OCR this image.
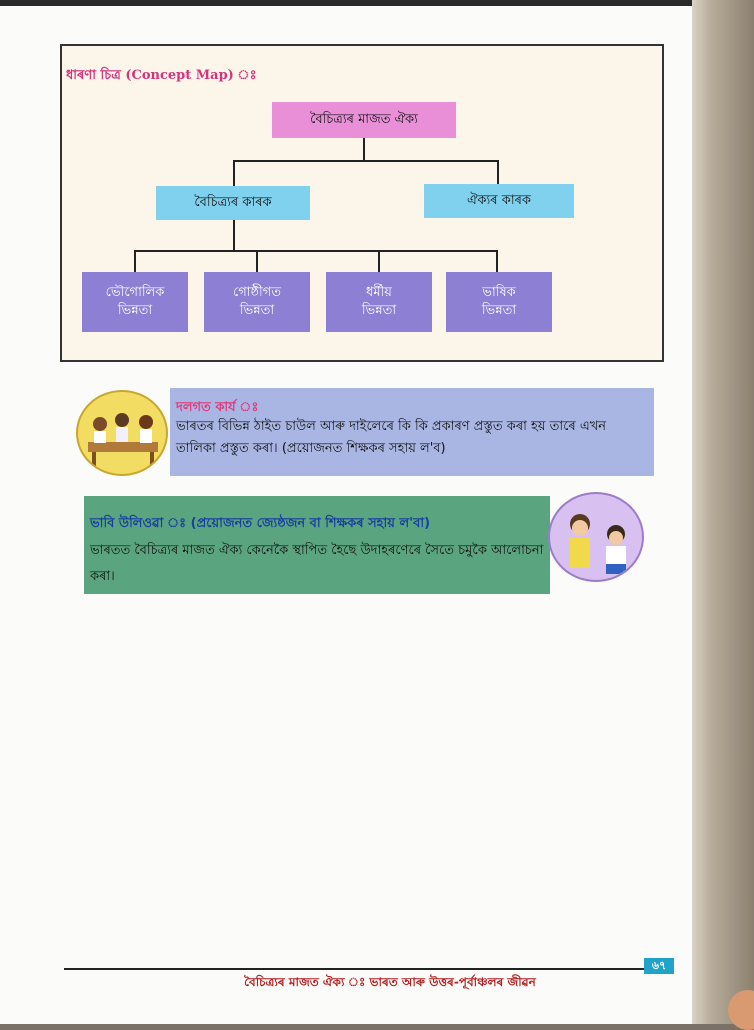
ধাৰণা চিত্ৰ (Concept Map) ঃ
বৈচিত্ৰ্যৰ মাজত ঐক্য
বৈচিত্ৰ্যৰ কাৰক	ঐক্যৰ কাৰক
ভৌগোলিক
ভিন্নতা
গোষ্ঠীগত
ভিন্নতা
ধৰ্মীয়
ভিন্নতা
ভাষিক
ভিন্নতা
দলগত কাৰ্য ঃ
ভাৰতৰ বিভিন্ন ঠাইত চাউল আৰু দাইলেৰে কি কি প্ৰকাৰণ প্ৰস্তুত কৰা হয় তাৰে এখন তালিকা প্ৰস্তুত কৰা। (প্ৰয়োজনত শিক্ষকৰ সহায় ল'ব)
ভাবি উলিওৱা ঃ (প্ৰয়োজনত জ্যেষ্ঠজন বা শিক্ষকৰ সহায় ল'বা)
ভাৰতত বৈচিত্ৰ্যৰ মাজত ঐক্য কেনেকৈ স্থাপিত হৈছে উদাহৰণেৰে সৈতে চমুকৈ আলোচনা কৰা।
৬৭
বৈচিত্ৰ্যৰ মাজত ঐক্য ঃ ভাৰত আৰু উত্তৰ-পূৰ্বাঞ্চলৰ জীৱন
